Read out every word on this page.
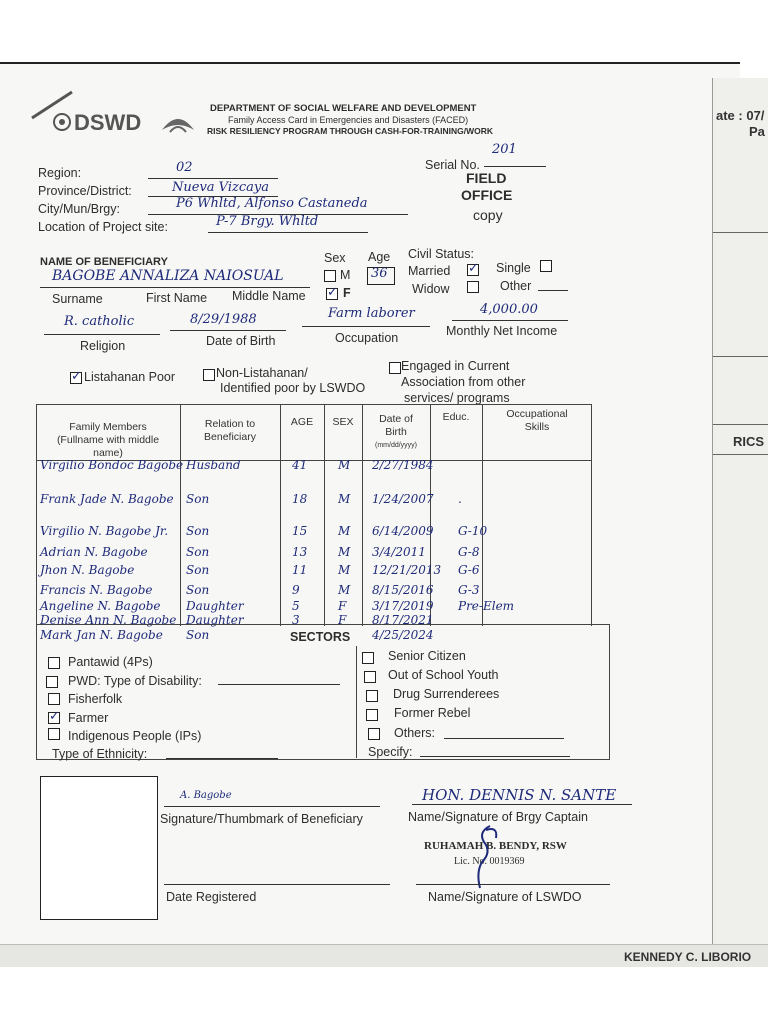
ate : 07/
Pa
RICS
KENNEDY C. LIBORIO
DSWD
DEPARTMENT OF SOCIAL WELFARE AND DEVELOPMENT
Family Access Card in Emergencies and Disasters (FACED)
RISK RESILIENCY PROGRAM THROUGH CASH-FOR-TRAINING/WORK
Serial No.
201
FIELD
OFFICE
copy
Region:	02
Province/District:	Nueva Vizcaya
City/Mun/Brgy:	P6 Whltd, Alfonso Castaneda
Location of Project site:	P-7 Brgy. Whltd
NAME OF BENEFICIARY
BAGOBE ANNALIZA NAIOSUAL
Surname	First Name Middle Name
Sex
M
✓
F
Age
36
Civil Status:
Married
✓	Single
Widow	Other
R. catholic
Religion
8/29/1988
Date of Birth
Farm laborer
Occupation
4,000.00
Monthly Net Income
✓
Listahanan Poor	Non-Listahanan/
Identified poor by LSWDO
Engaged in Current
Association from other
services/ programs
Family Members
(Fullname with middle
name)
Relation to
Beneficiary
AGE	SEX	Date of
Birth
(mm/dd/yyyy)
Educ.	Occupational
Skills
Virgilio Bondoc Bagobe Husband	41	M 2/27/1984
Frank Jade N. Bagobe Son	18	M 1/24/2007 .
Virgilio N. Bagobe Jr. Son	15	M 6/14/2009 G-10
Adrian N. Bagobe	Son	13	M 3/4/2011	G-8
Jhon N. Bagobe	Son	11	M 12/21/2013 G-6
Francis N. Bagobe	Son	9	M 8/15/2016 G-3
Angeline N. Bagobe Daughter	5	F 3/17/2019 Pre-Elem
Denise Ann N. Bagobe Daughter	3	F 8/17/2021
Mark Jan N. Bagobe Son	4/25/2024
SECTORS
Pantawid (4Ps)
PWD: Type of Disability:
Fisherfolk
✓
Farmer
Indigenous People (IPs)
Type of Ethnicity:
Senior Citizen
Out of School Youth
Drug Surrenderees
Former Rebel
Others:
Specify:
A. Bagobe
Signature/Thumbmark of Beneficiary
HON. DENNIS N. SANTE
Name/Signature of Brgy Captain
RUHAMAH B. BENDY, RSW
Lic. No. 0019369
Date Registered	Name/Signature of LSWDO
